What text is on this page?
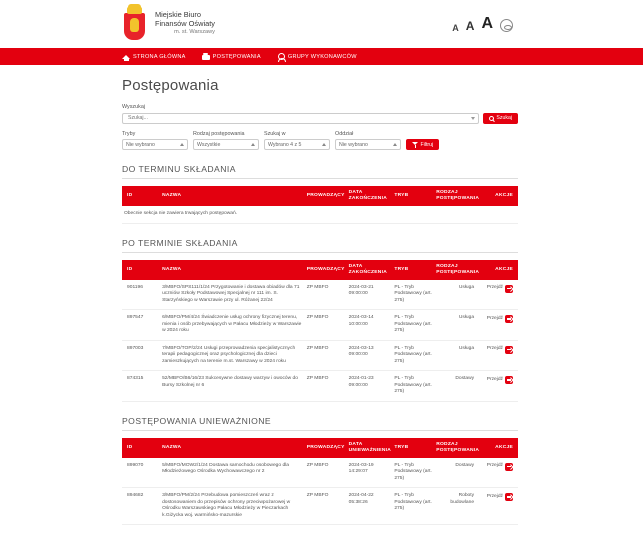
Miejskie Biuro
Finansów Oświaty
m. st. Warszawy	A A A
STRONA GŁÓWNA	POSTĘPOWANIA	GRUPY WYKONAWCÓW
Postępowania
Wyszukaj
Szukaj...
Szukaj
Tryby
Nie wybrano
Rodzaj postępowania
Wszystkie
Szukaj w
Wybrano 4 z 5
Oddział
Nie wybrano	Filtruj
DO TERMINU SKŁADANIA
ID	NAZWA	PROWADZĄCY	DATA ZAKOŃCZENIA	TRYB	RODZAJ POSTĘPOWANIA	AKCJE
Obecnie sekcja nie zawiera trwających postępowań.
PO TERMINIE SKŁADANIA
ID	NAZWA	PROWADZĄCY	DATA ZAKOŃCZENIA	TRYB	RODZAJ POSTĘPOWANIA	AKCJE
901196	3/MBFO/SPS111/1/24 Przygotowanie i dostawa obiadów dla 71 uczniów Szkoły Podstawowej Specjalnej nr 111 im. S. Starzyńskiego w Warszawie przy ul. Różanej 22/24	ZP MBFO	2024-03-21 09:00:00	PL - Tryb Podstawowy (art. 275)	Usługa	Przejdź

897547	6/MBFO/PM/4/24 Świadczenie usług ochrony fizycznej terenu, mienia i osób przebywających w Pałacu Młodzieży w Warszawie w 2024 roku	ZP MBFO	2024-03-14 10:00:00	PL - Tryb Podstawowy (art. 275)	Usługa	Przejdź

897003	7/MBFO/TOP/2/24 Usługi przeprowadzenia specjalistycznych terapii pedagogicznej oraz psychologicznej dla dzieci zamieszkujących na terenie m.st. Warszawy w 2024 roku	ZP MBFO	2024-03-13 09:00:00	PL - Tryb Podstawowy (art. 275)	Usługa	Przejdź

874315	52/MBFO/B6/16/23 Sukcesywne dostawy warzyw i owoców do Bursy Szkolnej nr 6	ZP MBFO	2024-01-23 09:00:00	PL - Tryb Podstawowy (art. 275)	Dostawy	Przejdź
POSTĘPOWANIA UNIEWAŻNIONE
ID	NAZWA	PROWADZĄCY	DATA UNIEWAŻNIENIA	TRYB	RODZAJ POSTĘPOWANIA	AKCJE
899070	5/MBFO/MOW2/1/24 Dostawa samochodu osobowego dla Młodzieżowego Ośrodka Wychowawczego nr 2	ZP MBFO	2024-03-19 14:29:07	PL - Tryb Podstawowy (art. 275)	Dostawy	Przejdź

894682	3/MBFO/PM/2/24 Przebudowa pomieszczeń wraz z dostosowaniem do przepisów ochrony przeciwpożarowej w Ośrodku Warszawskiego Pałacu Młodzieży w Pieczarkach k.Giżycka woj. warmińsko-mazurskie	ZP MBFO	2024-04-22 05:38:26	PL - Tryb Podstawowy (art. 275)	Roboty budowlane	Przejdź
